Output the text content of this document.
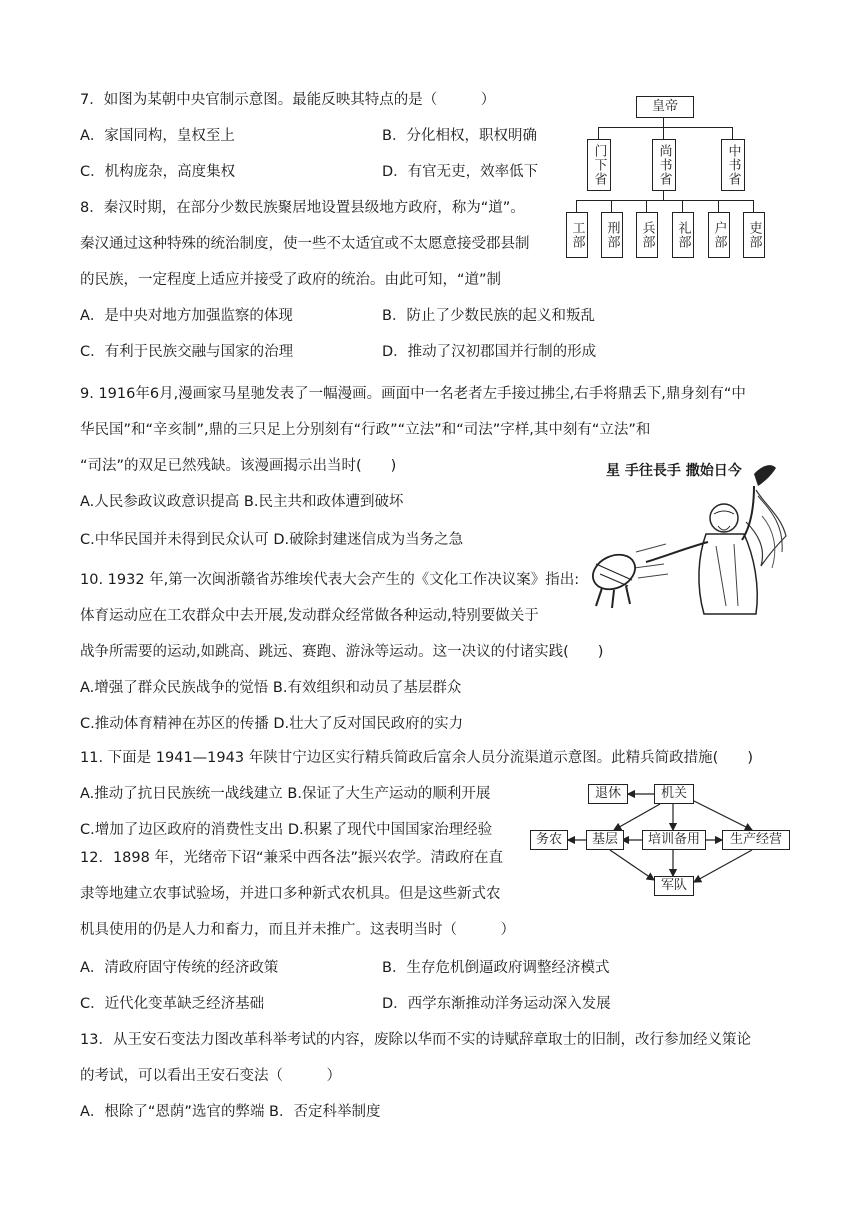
7．如图为某朝中央官制示意图。最能反映其特点的是（　　　）
A．家国同构，皇权至上	B．分化相权，职权明确
C．机构庞杂，高度集权	D．有官无吏，效率低下
皇帝
门下省	尚书省	中书省
工部 刑部 兵部 礼部 户部 吏部
8．秦汉时期，在部分少数民族聚居地设置县级地方政府，称为“道”。
秦汉通过这种特殊的统治制度，使一些不太适宜或不太愿意接受郡县制
的民族，一定程度上适应并接受了政府的统治。由此可知，“道”制
A．是中央对地方加强监察的体现	B．防止了少数民族的起义和叛乱
C．有利于民族交融与国家的治理	D．推动了汉初郡国并行制的形成
9. 1916年6月,漫画家马星驰发表了一幅漫画。画面中一名老者左手接过拂尘,右手将鼎丢下,鼎身刻有“中
华民国”和“辛亥制”,鼎的三只足上分别刻有“行政”“立法”和“司法”字样,其中刻有“立法”和
“司法”的双足已然残缺。该漫画揭示出当时(　　)
A.人民参政议政意识提高 B.民主共和政体遭到破坏
C.中华民国并未得到民众认可 D.破除封建迷信成为当务之急
星 手往長手 撒始日今
10. 1932 年,第一次闽浙赣省苏维埃代表大会产生的《文化工作决议案》指出:
体育运动应在工农群众中去开展,发动群众经常做各种运动,特别要做关于
战争所需要的运动,如跳高、跳远、赛跑、游泳等运动。这一决议的付诸实践(　　)
A.增强了群众民族战争的觉悟 B.有效组织和动员了基层群众
C.推动体育精神在苏区的传播 D.壮大了反对国民政府的实力
11. 下面是 1941—1943 年陕甘宁边区实行精兵简政后富余人员分流渠道示意图。此精兵简政措施(　　)
A.推动了抗日民族统一战线建立 B.保证了大生产运动的顺利开展
C.增加了边区政府的消费性支出 D.积累了现代中国国家治理经验
退休	机关
务农	基层	培训备用	生产经营
军队
12．1898 年，光绪帝下诏“兼采中西各法”振兴农学。清政府在直
隶等地建立农事试验场，并进口多种新式农机具。但是这些新式农
机具使用的仍是人力和畜力，而且并未推广。这表明当时（　　　）
A．清政府固守传统的经济政策	B．生存危机倒逼政府调整经济模式
C．近代化变革缺乏经济基础	D．西学东渐推动洋务运动深入发展
13．从王安石变法力图改革科举考试的内容，废除以华而不实的诗赋辞章取士的旧制，改行参加经义策论
的考试，可以看出王安石变法（　　　）
A．根除了“恩荫”选官的弊端 B．否定科举制度
